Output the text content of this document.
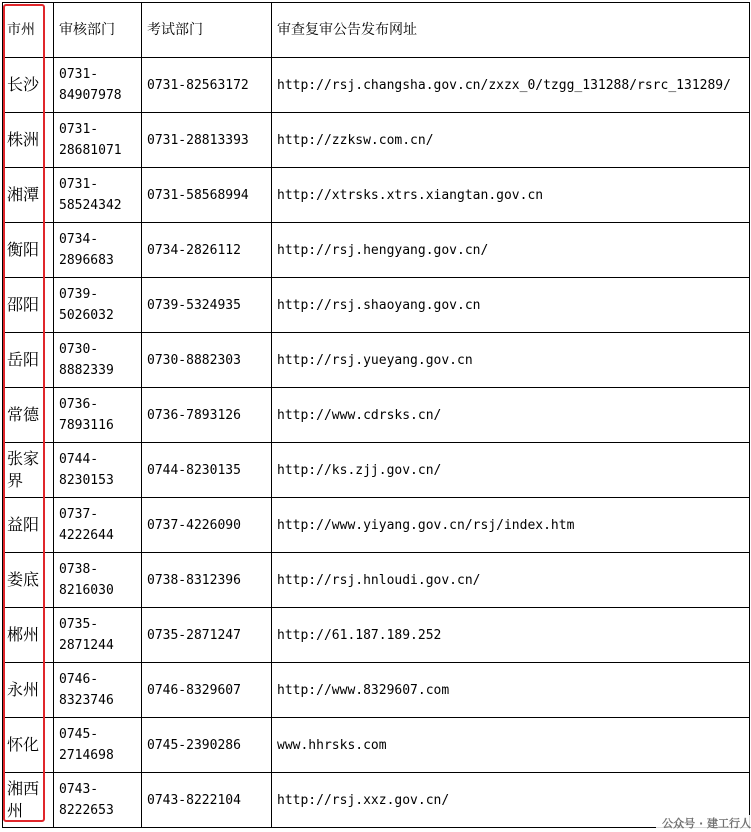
市州	审核部门	考试部门	审查复审公告发布网址
长沙	0731-84907978	0731-82563172	http://rsj.changsha.gov.cn/zxzx_0/tzgg_131288/rsrc_131289/
株洲	0731-28681071	0731-28813393	http://zzksw.com.cn/
湘潭	0731-58524342	0731-58568994	http://xtrsks.xtrs.xiangtan.gov.cn
衡阳	0734-2896683	0734-2826112	http://rsj.hengyang.gov.cn/
邵阳	0739-5026032	0739-5324935	http://rsj.shaoyang.gov.cn
岳阳	0730-8882339	0730-8882303	http://rsj.yueyang.gov.cn
常德	0736-7893116	0736-7893126	http://www.cdrsks.cn/
张家界	0744-8230153	0744-8230135	http://ks.zjj.gov.cn/
益阳	0737-4222644	0737-4226090	http://www.yiyang.gov.cn/rsj/index.htm
娄底	0738-8216030	0738-8312396	http://rsj.hnloudi.gov.cn/
郴州	0735-2871244	0735-2871247	http://61.187.189.252
永州	0746-8323746	0746-8329607	http://www.8329607.com
怀化	0745-2714698	0745-2390286	www.hhrsks.com
湘西州	0743-8222653	0743-8222104	http://rsj.xxz.gov.cn/
公众号 · 建工行人
